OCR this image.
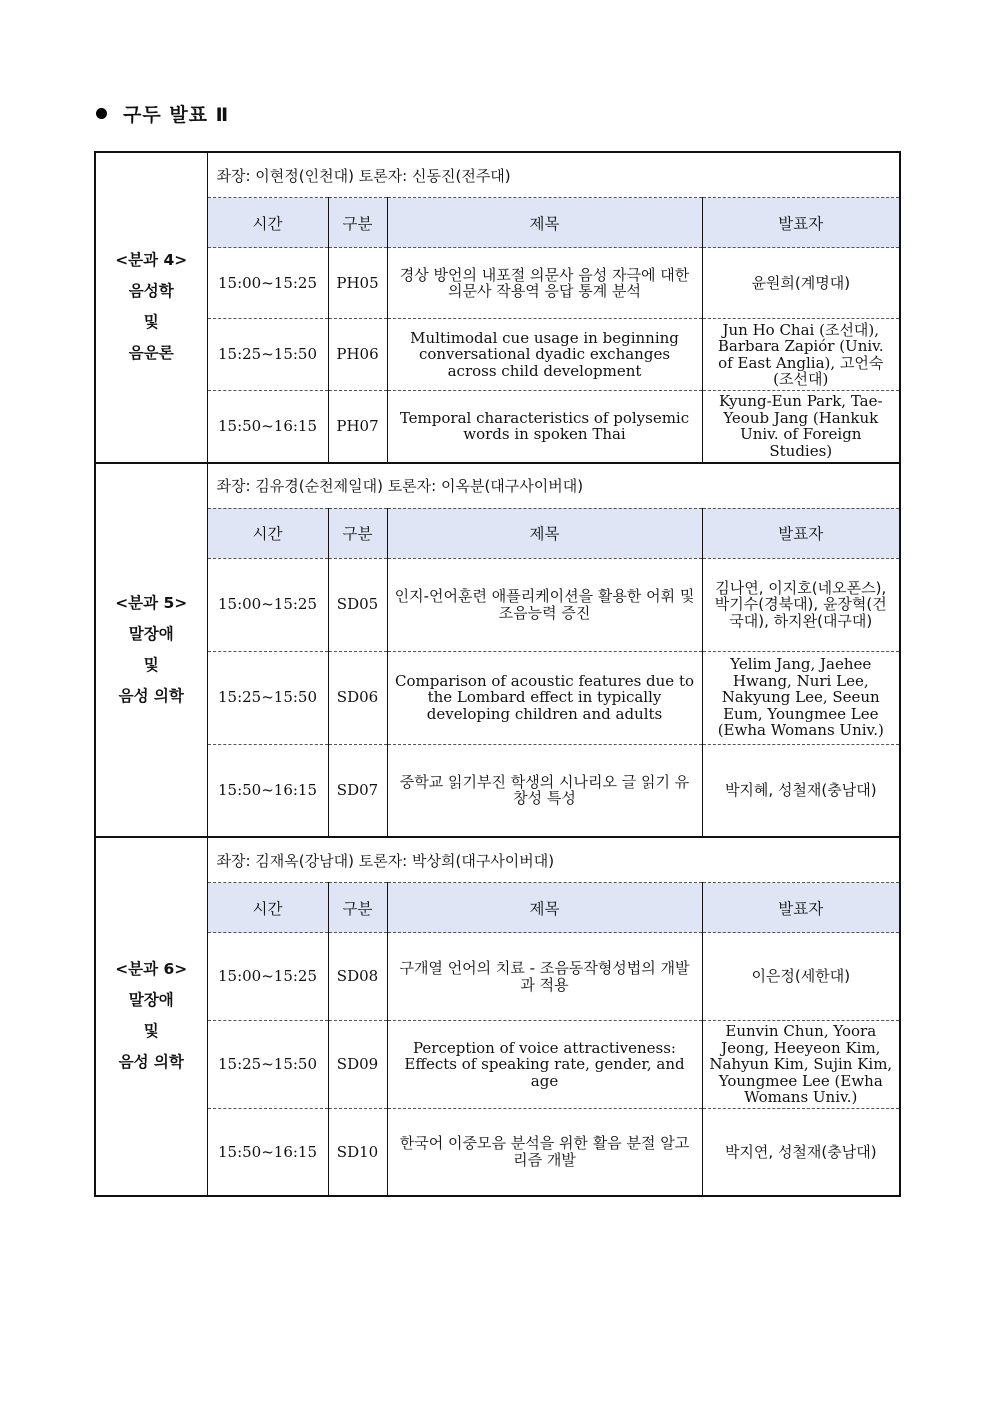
구두 발표 Ⅱ
<분과 4>
음성학
및
음운론	좌장: 이현정(인천대) 토론자: 신동진(전주대)			
	시간	구분	제목	발표자
	15:00~15:25	PH05	경상 방언의 내포절 의문사 음성 자극에 대한 의문사 작용역 응답 통계 분석	윤원희(계명대)
	15:25~15:50	PH06	Multimodal cue usage in beginning conversational dyadic exchanges across child development	Jun Ho Chai (조선대), Barbara Zapiór (Univ. of East Anglia), 고언숙(조선대)
	15:50~16:15	PH07	Temporal characteristics of polysemic words in spoken Thai	Kyung-Eun Park, Tae-Yeoub Jang (Hankuk Univ. of Foreign Studies)

<분과 5>
말장애
및
음성 의학	좌장: 김유경(순천제일대) 토론자: 이옥분(대구사이버대)			
	시간	구분	제목	발표자
	15:00~15:25	SD05	인지-언어훈련 애플리케이션을 활용한 어휘 및 조음능력 증진	김나연, 이지호(네오폰스), 박기수(경북대), 윤장혁(건국대), 하지완(대구대)
	15:25~15:50	SD06	Comparison of acoustic features due to the Lombard effect in typically developing children and adults	Yelim Jang, Jaehee Hwang, Nuri Lee, Nakyung Lee, Seeun Eum, Youngmee Lee (Ewha Womans Univ.)
	15:50~16:15	SD07	중학교 읽기부진 학생의 시나리오 글 읽기 유창성 특성	박지혜, 성철재(충남대)

<분과 6>
말장애
및
음성 의학	좌장: 김재옥(강남대) 토론자: 박상희(대구사이버대)			
	시간	구분	제목	발표자
	15:00~15:25	SD08	구개열 언어의 치료 - 조음동작형성법의 개발과 적용	이은정(세한대)
	15:25~15:50	SD09	Perception of voice attractiveness: Effects of speaking rate, gender, and age	Eunvin Chun, Yoora Jeong, Heeyeon Kim, Nahyun Kim, Sujin Kim, Youngmee Lee (Ewha Womans Univ.)
	15:50~16:15	SD10	한국어 이중모음 분석을 위한 활음 분절 알고리즘 개발	박지연, 성철재(충남대)
